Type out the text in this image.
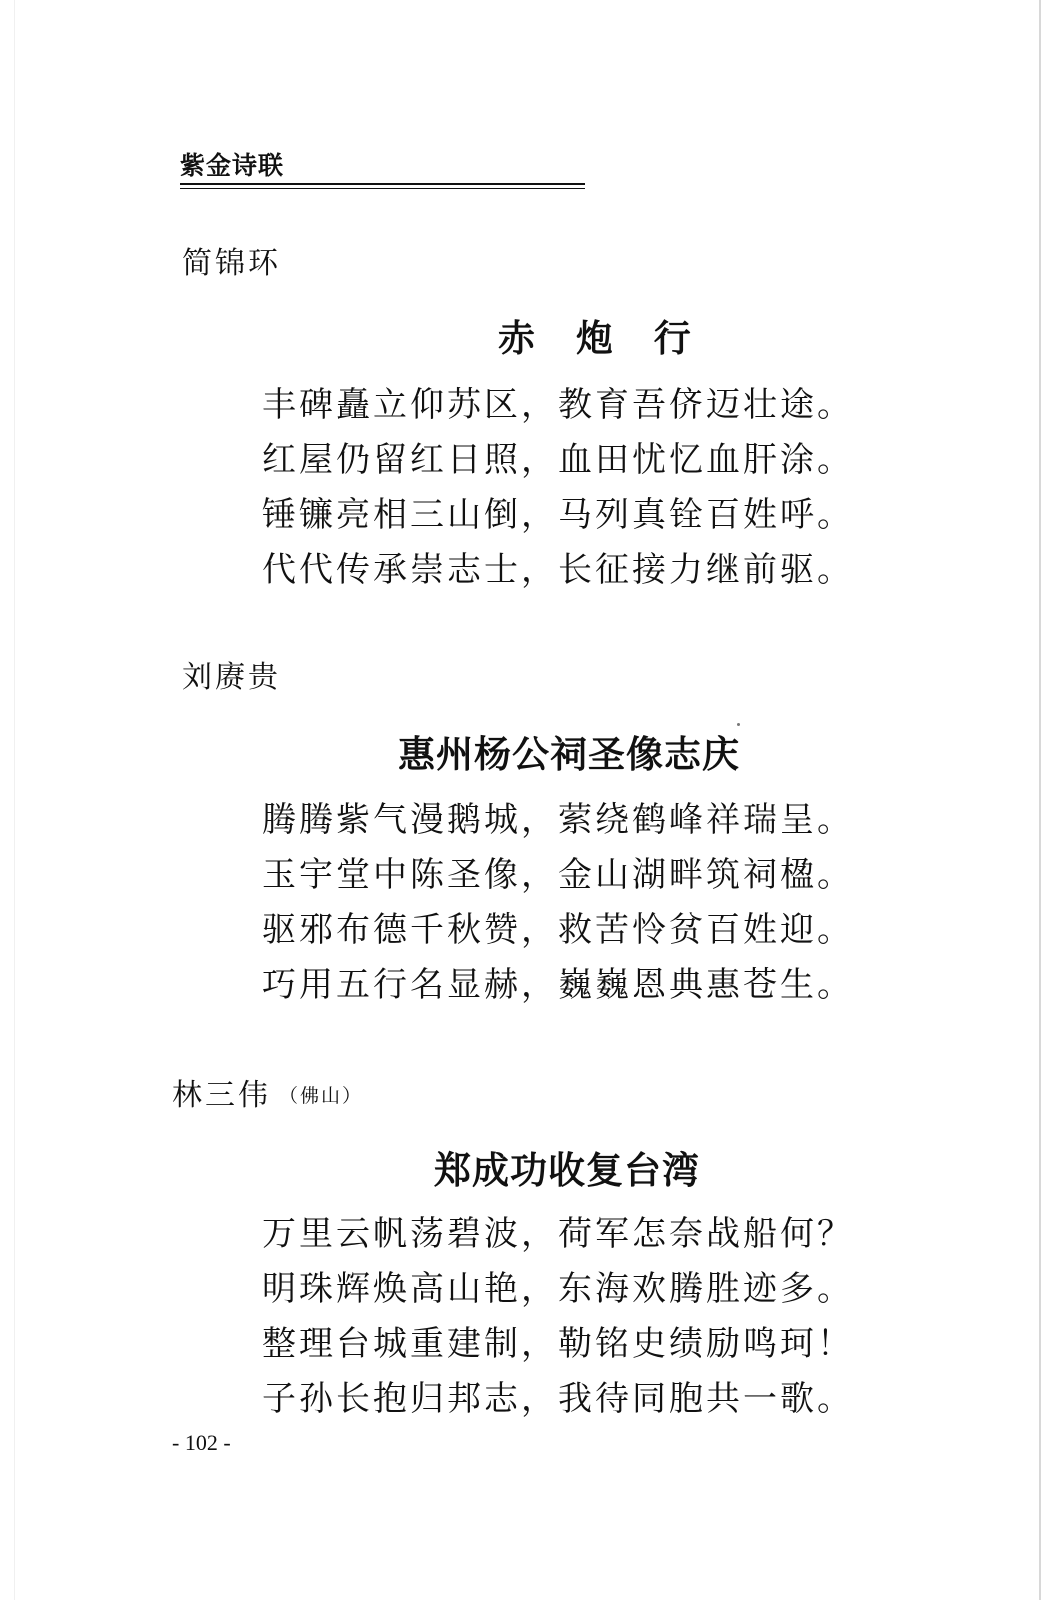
紫金诗联
简锦环
赤 炮 行
丰碑矗立仰苏区，教育吾侪迈壮途。
红屋仍留红日照，血田忧忆血肝涂。
锤镰亮相三山倒，马列真铨百姓呼。
代代传承崇志士，长征接力继前驱。
刘赓贵
惠州杨公祠圣像志庆
腾腾紫气漫鹅城，萦绕鹤峰祥瑞呈。
玉宇堂中陈圣像，金山湖畔筑祠楹。
驱邪布德千秋赞，救苦怜贫百姓迎。
巧用五行名显赫，巍巍恩典惠苍生。
林三伟 （佛山）
郑成功收复台湾
万里云帆荡碧波，荷军怎奈战船何？
明珠辉焕高山艳，东海欢腾胜迹多。
整理台城重建制，勒铭史绩励鸣珂！
子孙长抱归邦志，我待同胞共一歌。
- 102 -
